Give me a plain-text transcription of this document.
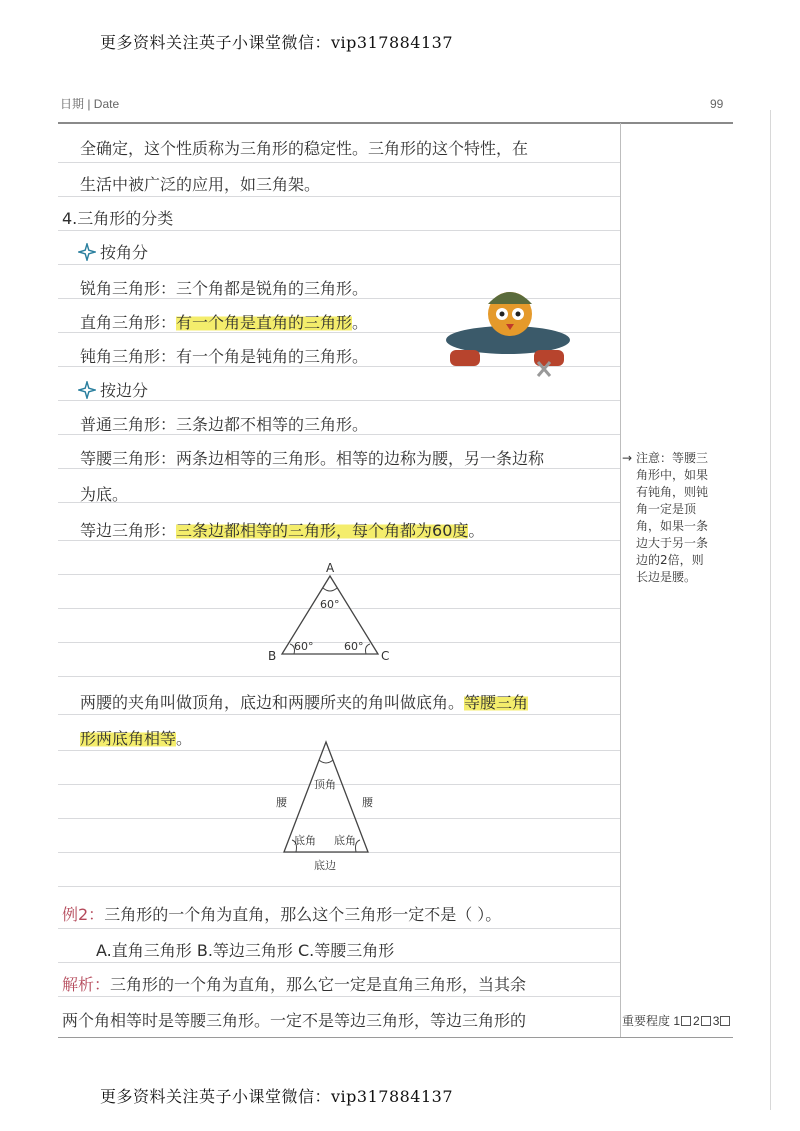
更多资料关注英子小课堂微信：vip317884137
日期 | Date	99
全确定，这个性质称为三角形的稳定性。三角形的这个特性，在
生活中被广泛的应用，如三角架。
4.三角形的分类
按角分
锐角三角形：三个角都是锐角的三角形。
直角三角形：有一个角是直角的三角形。
钝角三角形：有一个角是钝角的三角形。
按边分
普通三角形：三条边都不相等的三角形。
等腰三角形：两条边相等的三角形。相等的边称为腰，另一条边称
为底。
等边三角形：三条边都相等的三角形，每个角都为60度。
A
B	C
60°
60°	60°
两腰的夹角叫做顶角，底边和两腰所夹的角叫做底角。等腰三角
形两底角相等。
顶角
腰	腰
底角 底角
底边
例2：三角形的一个角为直角，那么这个三角形一定不是（ ）。
A.直角三角形 B.等边三角形 C.等腰三角形
解析：三角形的一个角为直角，那么它一定是直角三角形，当其余
两个角相等时是等腰三角形。一定不是等边三角形，等边三角形的
→ 注意：等腰三
角形中，如果
有钝角，则钝
角一定是顶
角，如果一条
边大于另一条
边的2倍，则
长边是腰。
重要程度 1 2 3
更多资料关注英子小课堂微信：vip317884137
